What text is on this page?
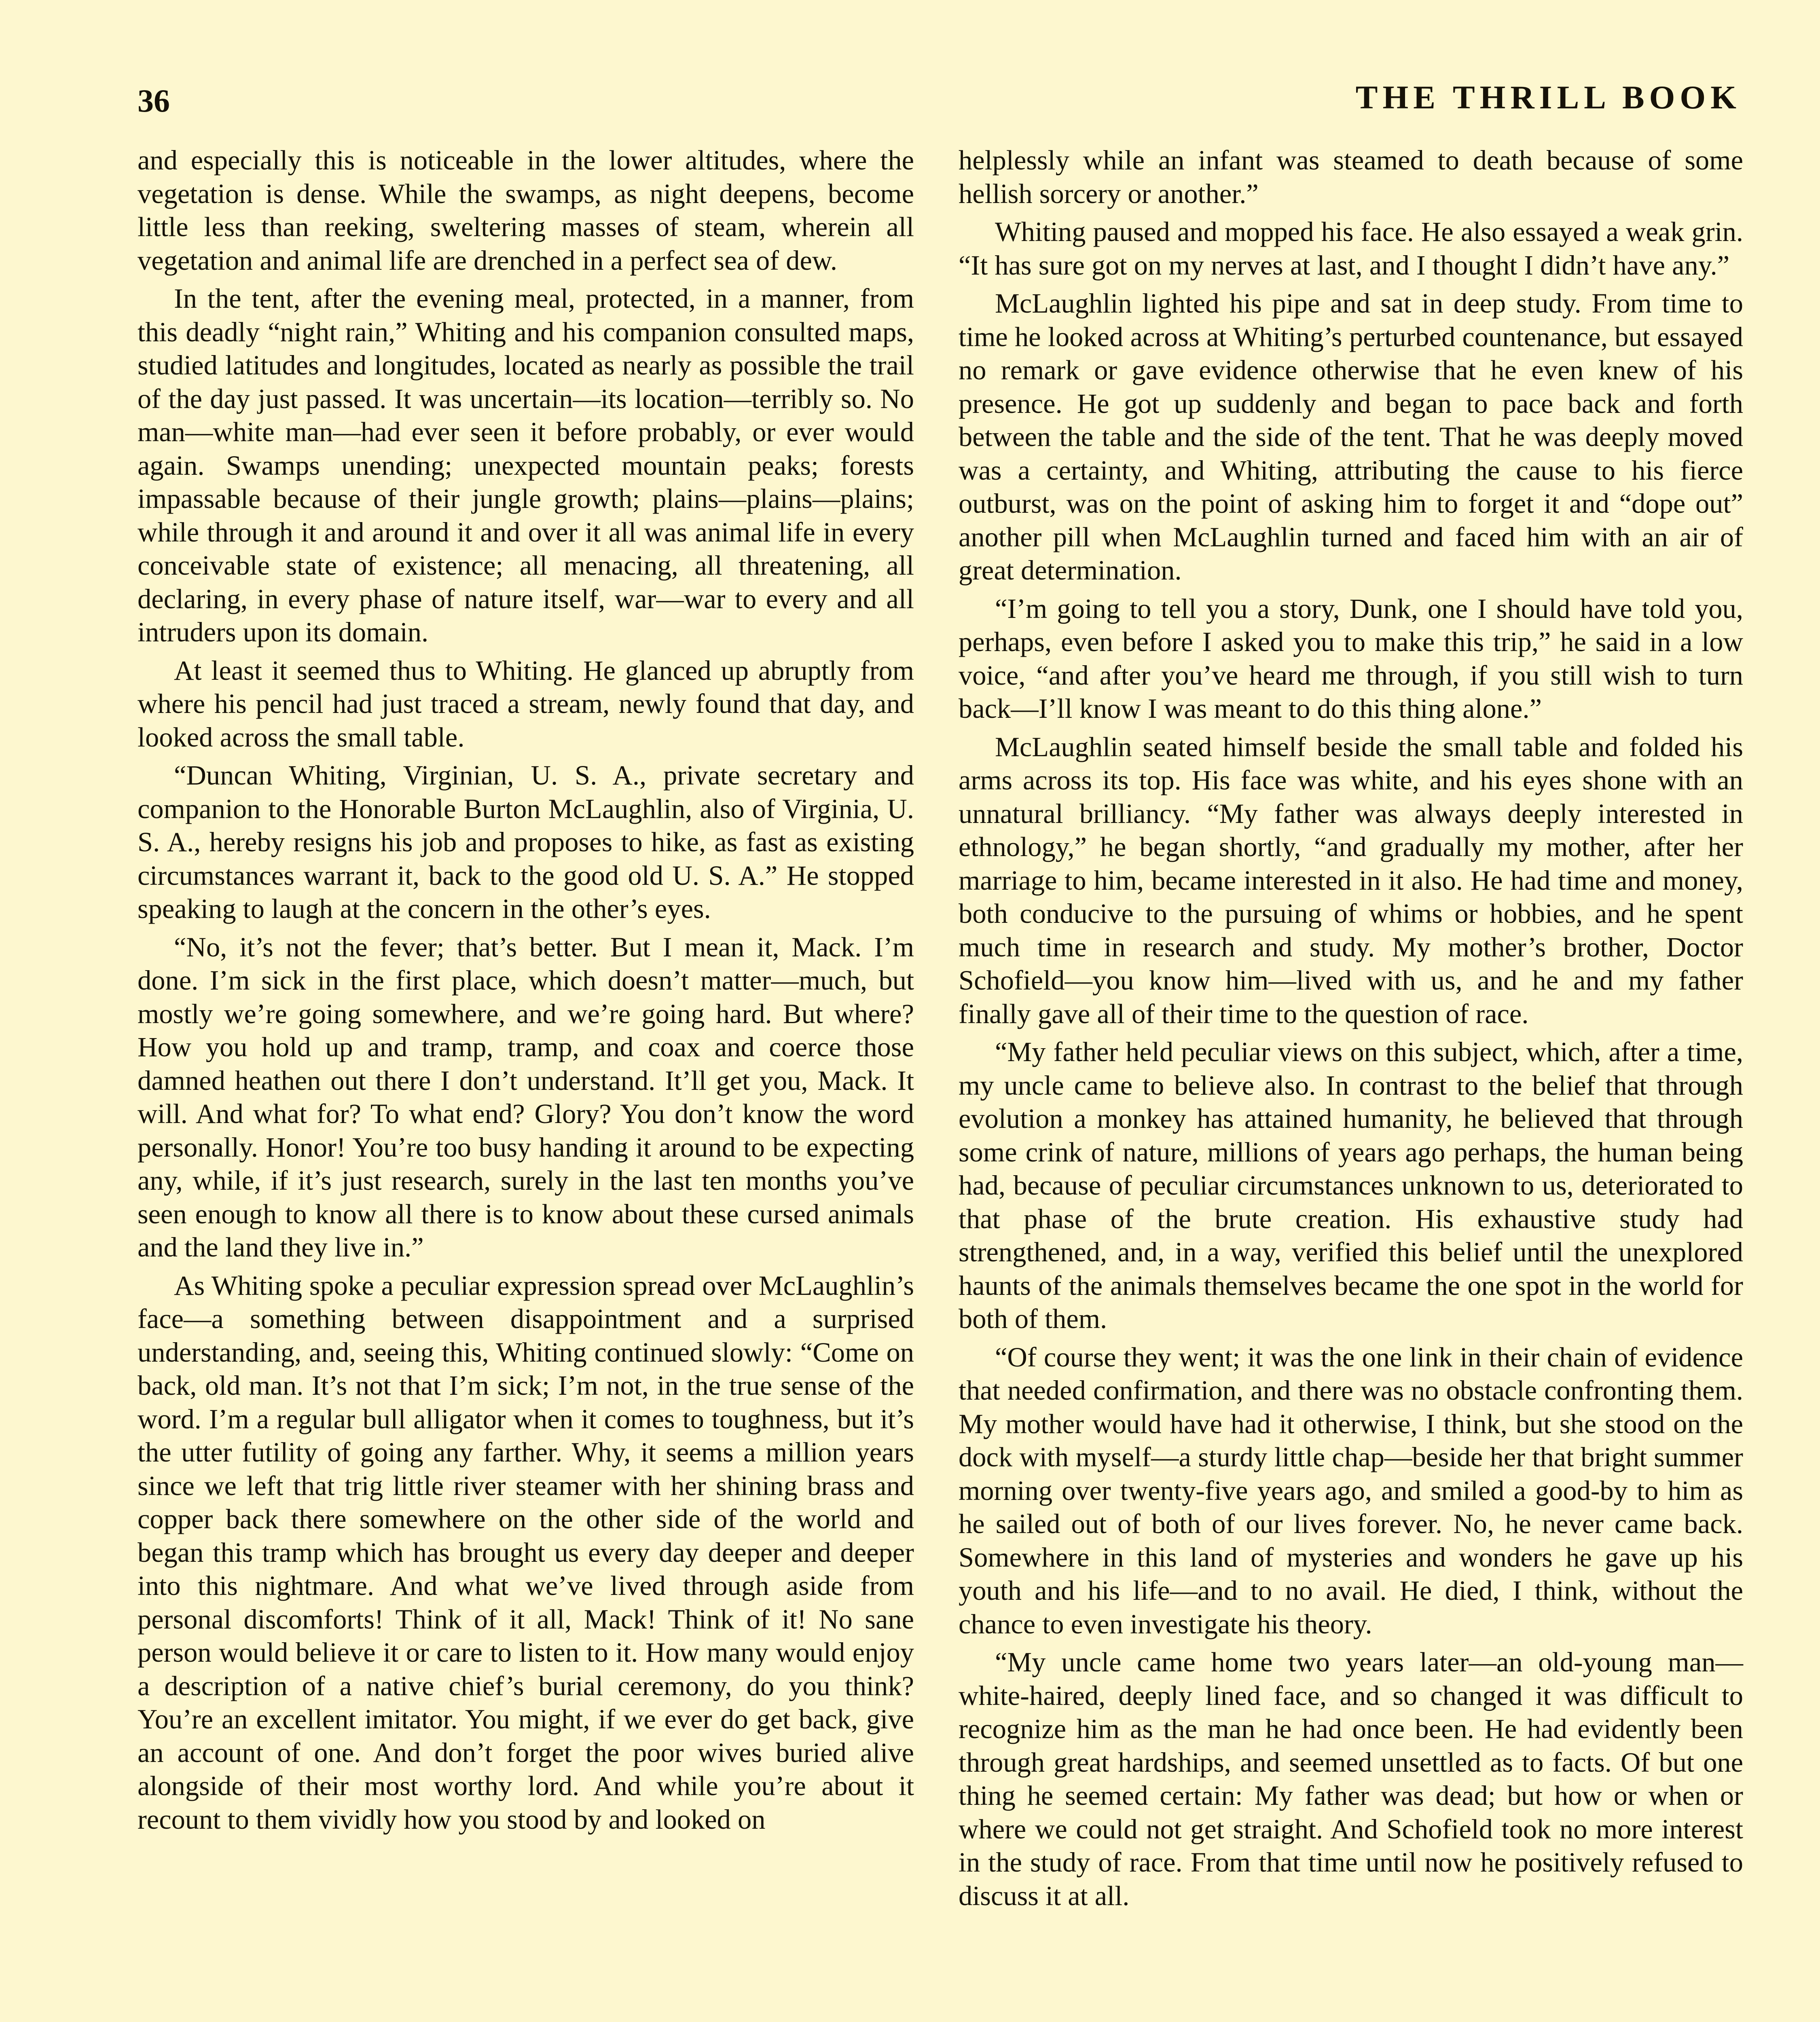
36	THE THRILL BOOK

and especially this is noticeable in the lower altitudes, where the vegetation is dense. While the swamps, as night deepens, become little less than reeking, sweltering masses of steam, wherein all vegetation and animal life are drenched in a perfect sea of dew.

In the tent, after the evening meal, protected, in a manner, from this deadly “night rain,” Whiting and his companion consulted maps, studied latitudes and longitudes, located as nearly as possible the trail of the day just passed. It was uncertain—its location—terribly so. No man—white man—had ever seen it before probably, or ever would again. Swamps unending; unexpected mountain peaks; forests impassable because of their jungle growth; plains—plains—plains; while through it and around it and over it all was animal life in every conceivable state of existence; all menacing, all threatening, all declaring, in every phase of nature itself, war—war to every and all intruders upon its domain.

At least it seemed thus to Whiting. He glanced up abruptly from where his pencil had just traced a stream, newly found that day, and looked across the small table.

“Duncan Whiting, Virginian, U. S. A., private secretary and companion to the Honorable Burton McLaughlin, also of Virginia, U. S. A., hereby resigns his job and proposes to hike, as fast as existing circumstances warrant it, back to the good old U. S. A.” He stopped speaking to laugh at the concern in the other’s eyes.

“No, it’s not the fever; that’s better. But I mean it, Mack. I’m done. I’m sick in the first place, which doesn’t matter—much, but mostly we’re going somewhere, and we’re going hard. But where? How you hold up and tramp, tramp, and coax and coerce those damned heathen out there I don’t understand. It’ll get you, Mack. It will. And what for? To what end? Glory? You don’t know the word personally. Honor! You’re too busy handing it around to be expecting any, while, if it’s just research, surely in the last ten months you’ve seen enough to know all there is to know about these cursed animals and the land they live in.”

As Whiting spoke a peculiar expression spread over McLaughlin’s face—a something between disappointment and a surprised understanding, and, seeing this, Whiting continued slowly: “Come on back, old man. It’s not that I’m sick; I’m not, in the true sense of the word. I’m a regular bull alligator when it comes to toughness, but it’s the utter futility of going any farther. Why, it seems a million years since we left that trig little river steamer with her shining brass and copper back there somewhere on the other side of the world and began this tramp which has brought us every day deeper and deeper into this nightmare. And what we’ve lived through aside from personal discomforts! Think of it all, Mack! Think of it! No sane person would believe it or care to listen to it. How many would enjoy a description of a native chief’s burial ceremony, do you think? You’re an excellent imitator. You might, if we ever do get back, give an account of one. And don’t forget the poor wives buried alive alongside of their most worthy lord. And while you’re about it recount to them vividly how you stood by and looked on

helplessly while an infant was steamed to death because of some hellish sorcery or another.”

Whiting paused and mopped his face. He also essayed a weak grin. “It has sure got on my nerves at last, and I thought I didn’t have any.”

McLaughlin lighted his pipe and sat in deep study. From time to time he looked across at Whiting’s perturbed countenance, but essayed no remark or gave evidence otherwise that he even knew of his presence. He got up suddenly and began to pace back and forth between the table and the side of the tent. That he was deeply moved was a certainty, and Whiting, attributing the cause to his fierce outburst, was on the point of asking him to forget it and “dope out” another pill when McLaughlin turned and faced him with an air of great determination.

“I’m going to tell you a story, Dunk, one I should have told you, perhaps, even before I asked you to make this trip,” he said in a low voice, “and after you’ve heard me through, if you still wish to turn back—I’ll know I was meant to do this thing alone.”

McLaughlin seated himself beside the small table and folded his arms across its top. His face was white, and his eyes shone with an unnatural brilliancy. “My father was always deeply interested in ethnology,” he began shortly, “and gradually my mother, after her marriage to him, became interested in it also. He had time and money, both conducive to the pursuing of whims or hobbies, and he spent much time in research and study. My mother’s brother, Doctor Schofield—you know him—lived with us, and he and my father finally gave all of their time to the question of race.

“My father held peculiar views on this subject, which, after a time, my uncle came to believe also. In contrast to the belief that through evolution a monkey has attained humanity, he believed that through some crink of nature, millions of years ago perhaps, the human being had, because of peculiar circumstances unknown to us, deteriorated to that phase of the brute creation. His exhaustive study had strengthened, and, in a way, verified this belief until the unexplored haunts of the animals themselves became the one spot in the world for both of them.

“Of course they went; it was the one link in their chain of evidence that needed confirmation, and there was no obstacle confronting them. My mother would have had it otherwise, I think, but she stood on the dock with myself—a sturdy little chap—beside her that bright summer morning over twenty-five years ago, and smiled a good-by to him as he sailed out of both of our lives forever. No, he never came back. Somewhere in this land of mysteries and wonders he gave up his youth and his life—and to no avail. He died, I think, without the chance to even investigate his theory.

“My uncle came home two years later—an old-young man—white-haired, deeply lined face, and so changed it was difficult to recognize him as the man he had once been. He had evidently been through great hardships, and seemed unsettled as to facts. Of but one thing he seemed certain: My father was dead; but how or when or where we could not get straight. And Schofield took no more interest in the study of race. From that time until now he positively refused to discuss it at all.
